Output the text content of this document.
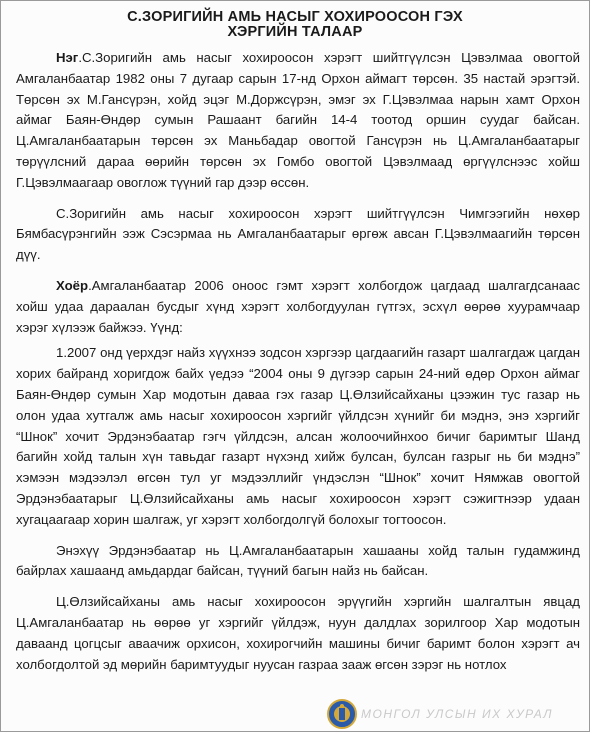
С.ЗОРИГИЙН АМЬ НАСЫГ ХОХИРООСОН ГЭХ
ХЭРГИЙН ТАЛААР

Нэг.С.Зоригийн амь насыг хохироосон хэрэгт шийтгүүлсэн Цэвэлмаа овогтой Амгаланбаатар 1982 оны 7 дугаар сарын 17-нд Орхон аймагт төрсөн. 35 настай эрэгтэй. Төрсөн эх М.Гансүрэн, хойд эцэг М.Доржсүрэн, эмэг эх Г.Цэвэлмаа нарын хамт Орхон аймаг Баян-Өндөр сумын Рашаант багийн 14-4 тоотод оршин суудаг байсан. Ц.Амгаланбаатарын төрсөн эх Маньбадар овогтой Гансүрэн нь Ц.Амгаланбаатарыг төрүүлсний дараа өөрийн төрсөн эх Гомбо овогтой Цэвэлмаад өргүүлснээс хойш Г.Цэвэлмаагаар овоглож түүний гар дээр өссөн.

С.Зоригийн амь насыг хохироосон хэрэгт шийтгүүлсэн Чимгээгийн нөхөр Бямбасүрэнгийн ээж Сэсэрмаа нь Амгаланбаатарыг өргөж авсан Г.Цэвэлмаагийн төрсөн дүү.

Хоёр.Амгаланбаатар 2006 оноос гэмт хэрэгт холбогдож цагдаад шалгагдсанаас хойш удаа дараалан бусдыг хүнд хэрэгт холбогдуулан гүтгэх, эсхүл өөрөө хуурамчаар хэрэг хүлээж байжээ. Үүнд:

1.2007 онд үерхдэг найз хүүхнээ зодсон хэргээр цагдаагийн газарт шалгагдаж цагдан хорих байранд хоригдож байх үедээ “2004 оны 9 дүгээр сарын 24-ний өдөр Орхон аймаг Баян-Өндөр сумын Хар модотын даваа гэх газар Ц.Өлзийсайханы цээжин тус газар нь олон удаа хутгалж амь насыг хохироосон хэргийг үйлдсэн хүнийг би мэднэ, энэ хэргийг “Шнок” хочит Эрдэнэбаатар гэгч үйлдсэн, алсан жолоочийнхоо бичиг баримтыг Шанд багийн хойд талын хүн тавьдаг газарт нүхэнд хийж булсан, булсан газрыг нь би мэднэ” хэмээн мэдээлэл өгсөн тул уг мэдээллийг үндэслэн “Шнок” хочит Нямжав овогтой Эрдэнэбаатарыг Ц.Өлзийсайханы амь насыг хохироосон хэрэгт сэжигтнээр удаан хугацаагаар хорин шалгаж, уг хэрэгт холбогдолгүй болохыг тогтоосон.

Энэхүү Эрдэнэбаатар нь Ц.Амгаланбаатарын хашааны хойд талын гудамжинд байрлах хашаанд амьдардаг байсан, түүний багын найз нь байсан.

Ц.Өлзийсайханы амь насыг хохироосон эрүүгийн хэргийн шалгалтын явцад Ц.Амгаланбаатар нь өөрөө уг хэргийг үйлдэж, нуун далдлах зорилгоор Хар модотын даваанд цогцсыг аваачиж орхисон, хохирогчийн машины бичиг баримт болон хэрэгт ач холбогдолтой эд мөрийн баримтуудыг нуусан газраа зааж өгсөн зэрэг нь нотлох

МОНГОЛ УЛСЫН ИХ ХУРАЛ
